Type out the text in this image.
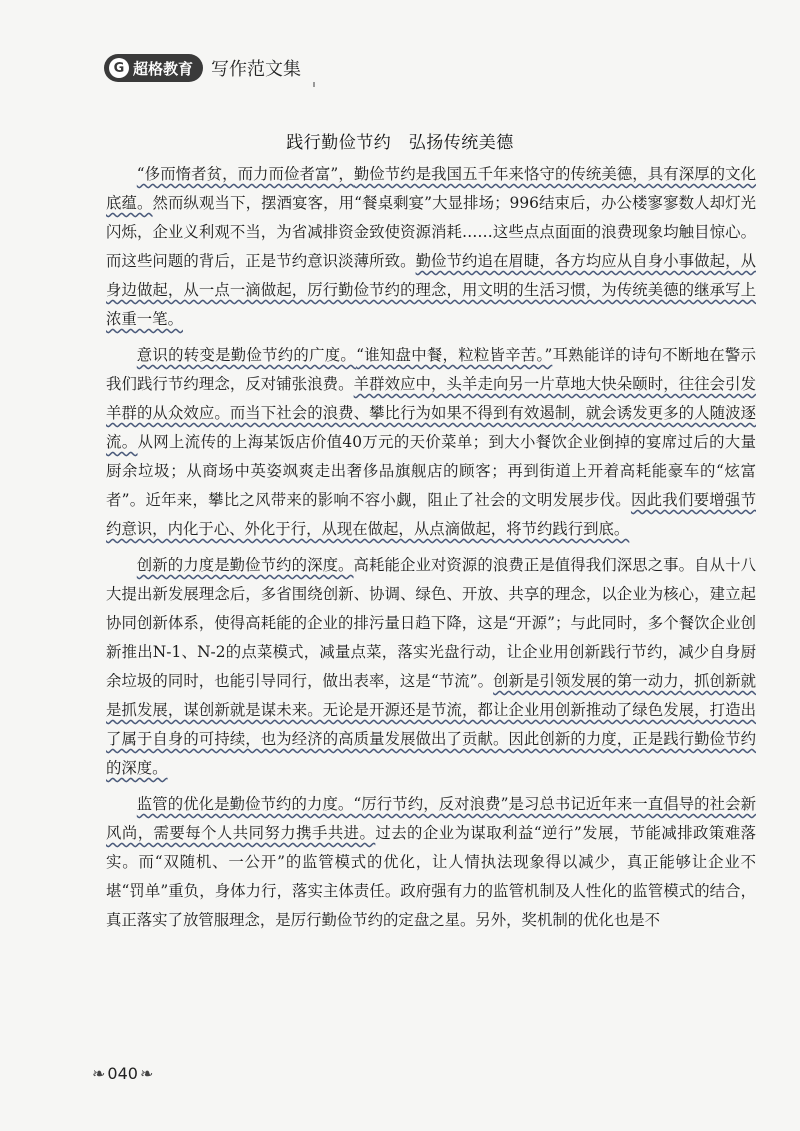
G 超格教育 写作范文集
践行勤俭节约　弘扬传统美德

“侈而惰者贫，而力而俭者富”，勤俭节约是我国五千年来恪守的传统美德，具有深厚的文化底蕴。然而纵观当下，摆酒宴客，用“餐桌剩宴”大显排场；996结束后，办公楼寥寥数人却灯光闪烁，企业义利观不当，为省减排资金致使资源消耗……这些点点面面的浪费现象均触目惊心。而这些问题的背后，正是节约意识淡薄所致。勤俭节约追在眉睫，各方均应从自身小事做起，从身边做起，从一点一滴做起，厉行勤俭节约的理念，用文明的生活习惯，为传统美德的继承写上浓重一笔。

意识的转变是勤俭节约的广度。“谁知盘中餐，粒粒皆辛苦。”耳熟能详的诗句不断地在警示我们践行节约理念，反对铺张浪费。羊群效应中，头羊走向另一片草地大快朵颐时，往往会引发羊群的从众效应。而当下社会的浪费、攀比行为如果不得到有效遏制，就会诱发更多的人随波逐流。从网上流传的上海某饭店价值40万元的天价菜单；到大小餐饮企业倒掉的宴席过后的大量厨余垃圾；从商场中英姿飒爽走出奢侈品旗舰店的顾客；再到街道上开着高耗能豪车的“炫富者”。近年来，攀比之风带来的影响不容小觑，阻止了社会的文明发展步伐。因此我们要增强节约意识，内化于心、外化于行，从现在做起，从点滴做起，将节约践行到底。

创新的力度是勤俭节约的深度。高耗能企业对资源的浪费正是值得我们深思之事。自从十八大提出新发展理念后，多省围绕创新、协调、绿色、开放、共享的理念，以企业为核心，建立起协同创新体系，使得高耗能的企业的排污量日趋下降，这是“开源”；与此同时，多个餐饮企业创新推出N-1、N-2的点菜模式，减量点菜，落实光盘行动，让企业用创新践行节约，减少自身厨余垃圾的同时，也能引导同行，做出表率，这是“节流”。创新是引领发展的第一动力，抓创新就是抓发展，谋创新就是谋未来。无论是开源还是节流，都让企业用创新推动了绿色发展，打造出了属于自身的可持续，也为经济的高质量发展做出了贡献。因此创新的力度，正是践行勤俭节约的深度。

监管的优化是勤俭节约的力度。“厉行节约，反对浪费”是习总书记近年来一直倡导的社会新风尚，需要每个人共同努力携手共进。过去的企业为谋取利益“逆行”发展，节能减排政策难落实。而“双随机、一公开”的监管模式的优化，让人情执法现象得以减少，真正能够让企业不堪“罚单”重负，身体力行，落实主体责任。政府强有力的监管机制及人性化的监管模式的结合，真正落实了放管服理念，是厉行勤俭节约的定盘之星。另外，奖机制的优化也是不

❧ 040 ❧
